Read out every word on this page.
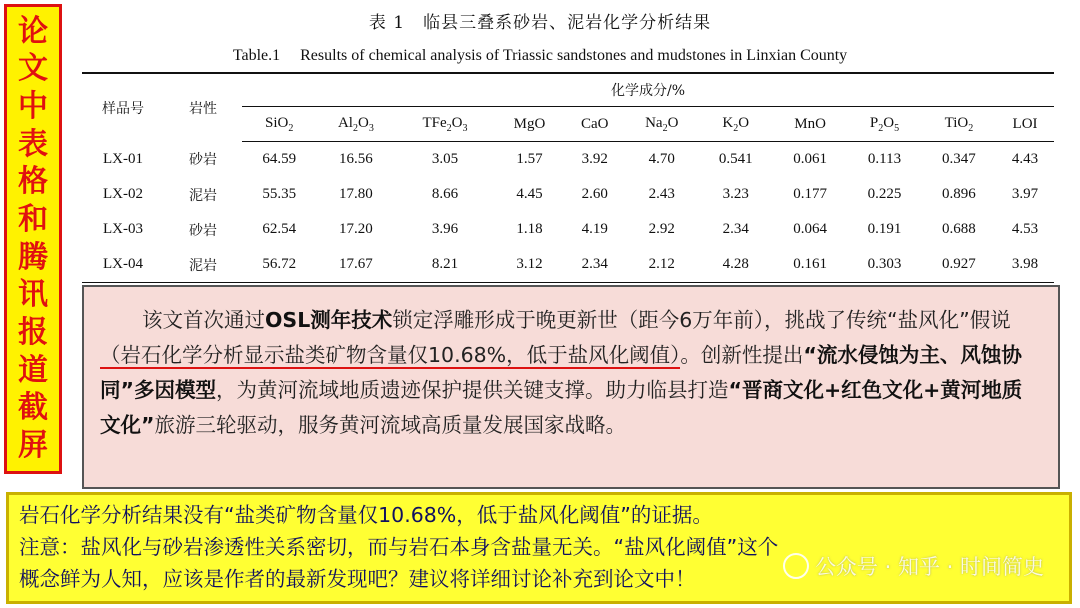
论
文
中
表
格
和
腾
讯
报
道
截
屏
表 1　临县三叠系砂岩、泥岩化学分析结果
Table.1　 Results of chemical analysis of Triassic sandstones and mudstones in Linxian County
样品号	岩性	化学成分/%										
		SiO$_2$	$Al_2O_3$	$TFe_2O_3$	MgO	CaO	$Na_2O$	$K_2O$	MnO	$P_2O_5$	TiO$_2$	LOI
LX-01	砂岩	64.59	16.56	3.05	1.57	3.92	4.70	0.541	0.061	0.113	0.347	4.43
LX-02	泥岩	55.35	17.80	8.66	4.45	2.60	2.43	3.23	0.177	0.225	0.896	3.97
LX-03	砂岩	62.54	17.20	3.96	1.18	4.19	2.92	2.34	0.064	0.191	0.688	4.53
LX-04	泥岩	56.72	17.67	8.21	3.12	2.34	2.12	4.28	0.161	0.303	0.927	3.98
该文首次通过OSL测年技术锁定浮雕形成于晚更新世（距今6万年前），挑战了传统“盐风化”假说（岩石化学分析显示盐类矿物含量仅10.68%，低于盐风化阈值）。创新性提出“流水侵蚀为主、风蚀协同”多因模型，为黄河流域地质遗迹保护提供关键支撑。助力临县打造“晋商文化+红色文化+黄河地质文化”旅游三轮驱动，服务黄河流域高质量发展国家战略。
岩石化学分析结果没有“盐类矿物含量仅10.68%，低于盐风化阈值”的证据。
注意：盐风化与砂岩渗透性关系密切，而与岩石本身含盐量无关。“盐风化阈值”这个
概念鲜为人知，应该是作者的最新发现吧？建议将详细讨论补充到论文中！	公众号 · 知乎 · 时间简史
